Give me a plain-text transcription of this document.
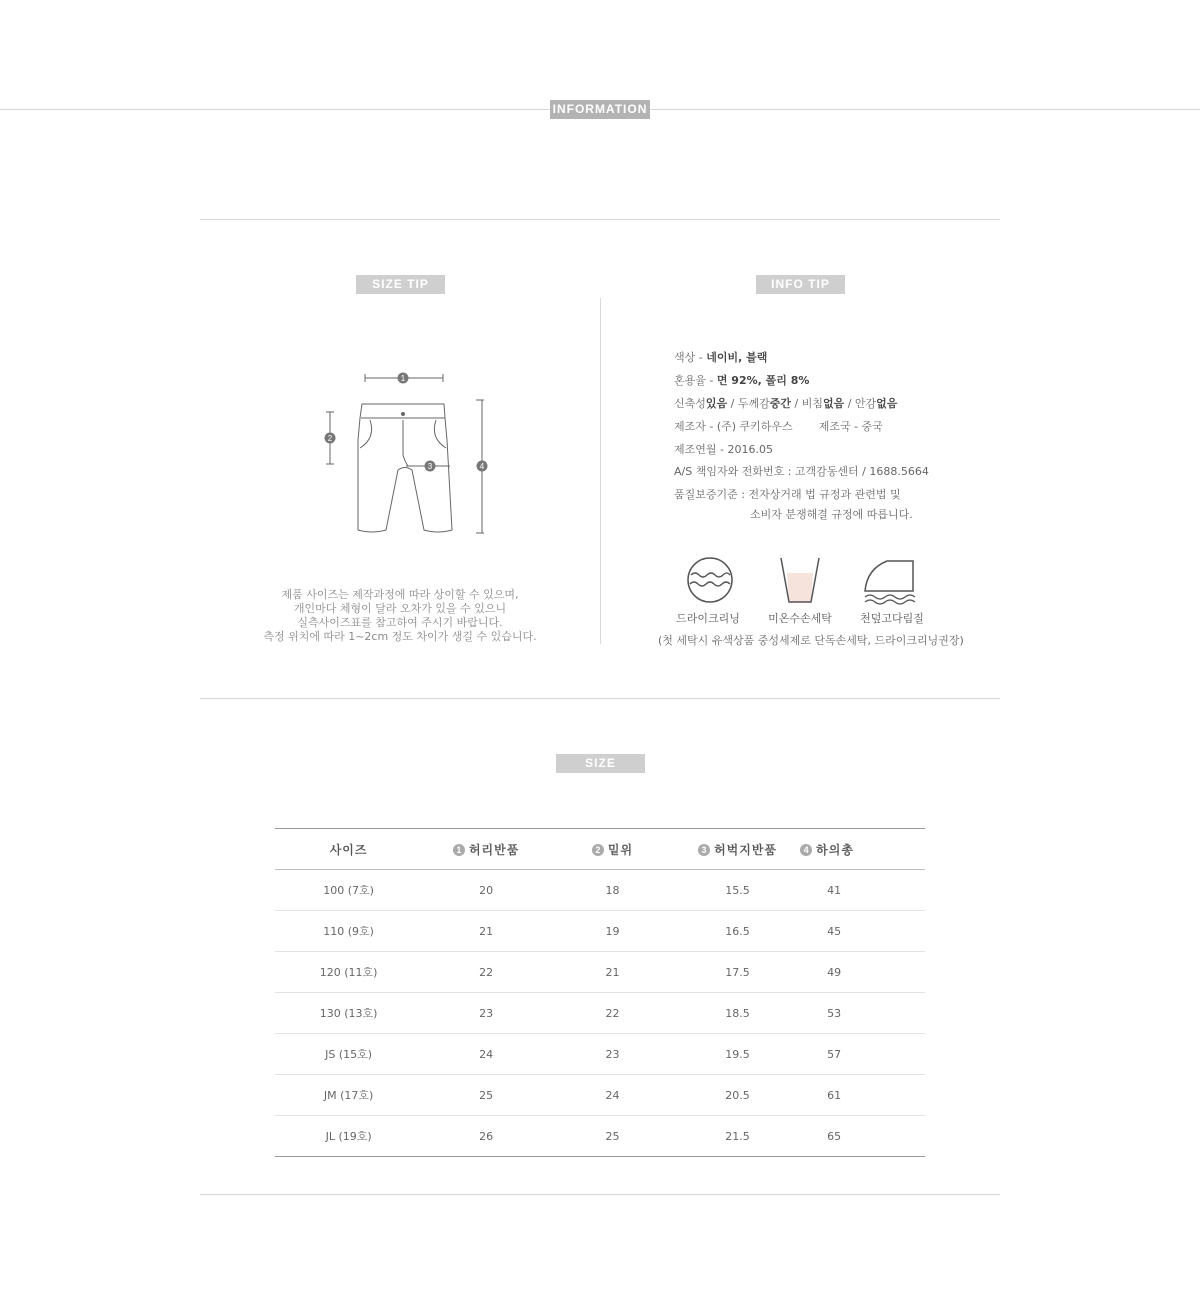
INFORMATION
SIZE TIP
1
2
3	4
제품 사이즈는 제작과정에 따라 상이할 수 있으며,
개인마다 체형이 달라 오차가 있을 수 있으니
실측사이즈표를 참고하여 주시기 바랍니다.
측정 위치에 따라 1~2cm 정도 차이가 생길 수 있습니다.
INFO TIP
색상 - 네이비, 블랙
혼용율 - 면 92%, 폴리 8%
신축성있음 / 두께감중간 / 비침없음 / 안감없음
제조자 - (주) 쿠키하우스 제조국 - 중국
제조연월 - 2016.05
A/S 책임자와 전화번호 : 고객감동센터 / 1688.5664
품질보증기준 : 전자상거래 법 규정과 관련법 및
소비자 분쟁해결 규정에 따릅니다.
드라이크리닝	미온수손세탁	천덮고다림질
(첫 세탁시 유색상품 중성세제로 단독손세탁, 드라이크리닝권장)
SIZE
사이즈	1 허리반품	2 밑위	3 허벅지반품	4 하의총
100 (7호)	20	18	15.5	41
110 (9호)	21	19	16.5	45
120 (11호)	22	21	17.5	49
130 (13호)	23	22	18.5	53
JS (15호)	24	23	19.5	57
JM (17호)	25	24	20.5	61
JL (19호)	26	25	21.5	65
